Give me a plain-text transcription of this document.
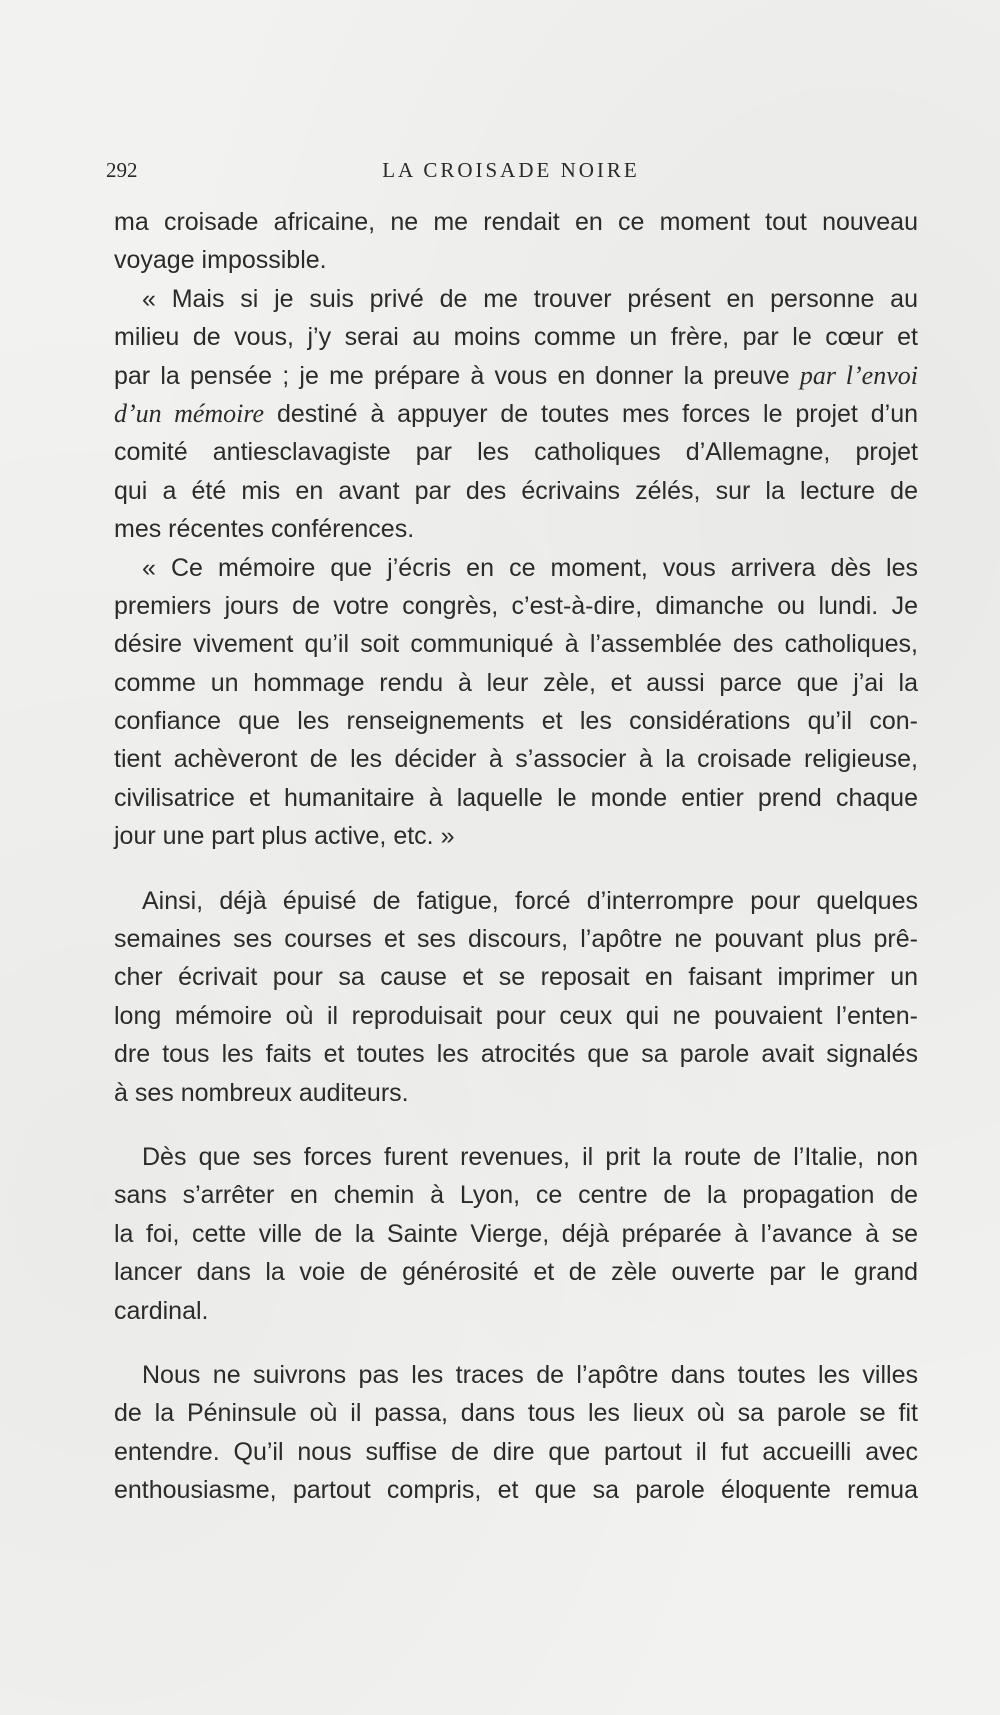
292	LA CROISADE NOIRE

ma croisade africaine, ne me rendait en ce moment tout nouveau
voyage impossible.

« Mais si je suis privé de me trouver présent en personne au
milieu de vous, j’y serai au moins comme un frère, par le cœur et
par la pensée ; je me prépare à vous en donner la preuve par l’envoi
d’un mémoire destiné à appuyer de toutes mes forces le projet d’un
comité antiesclavagiste par les catholiques d’Allemagne, projet
qui a été mis en avant par des écrivains zélés, sur la lecture de
mes récentes conférences.

« Ce mémoire que j’écris en ce moment, vous arrivera dès les
premiers jours de votre congrès, c’est-à-dire, dimanche ou lundi. Je
désire vivement qu’il soit communiqué à l’assemblée des catholiques,
comme un hommage rendu à leur zèle, et aussi parce que j’ai la
confiance que les renseignements et les considérations qu’il con-
tient achèveront de les décider à s’associer à la croisade religieuse,
civilisatrice et humanitaire à laquelle le monde entier prend chaque
jour une part plus active, etc. »

Ainsi, déjà épuisé de fatigue, forcé d’interrompre pour quelques
semaines ses courses et ses discours, l’apôtre ne pouvant plus prê-
cher écrivait pour sa cause et se reposait en faisant imprimer un
long mémoire où il reproduisait pour ceux qui ne pouvaient l’enten-
dre tous les faits et toutes les atrocités que sa parole avait signalés
à ses nombreux auditeurs.

Dès que ses forces furent revenues, il prit la route de l’Italie, non
sans s’arrêter en chemin à Lyon, ce centre de la propagation de
la foi, cette ville de la Sainte Vierge, déjà préparée à l’avance à se
lancer dans la voie de générosité et de zèle ouverte par le grand
cardinal.

Nous ne suivrons pas les traces de l’apôtre dans toutes les villes
de la Péninsule où il passa, dans tous les lieux où sa parole se fit
entendre. Qu’il nous suffise de dire que partout il fut accueilli avec
enthousiasme, partout compris, et que sa parole éloquente remua
